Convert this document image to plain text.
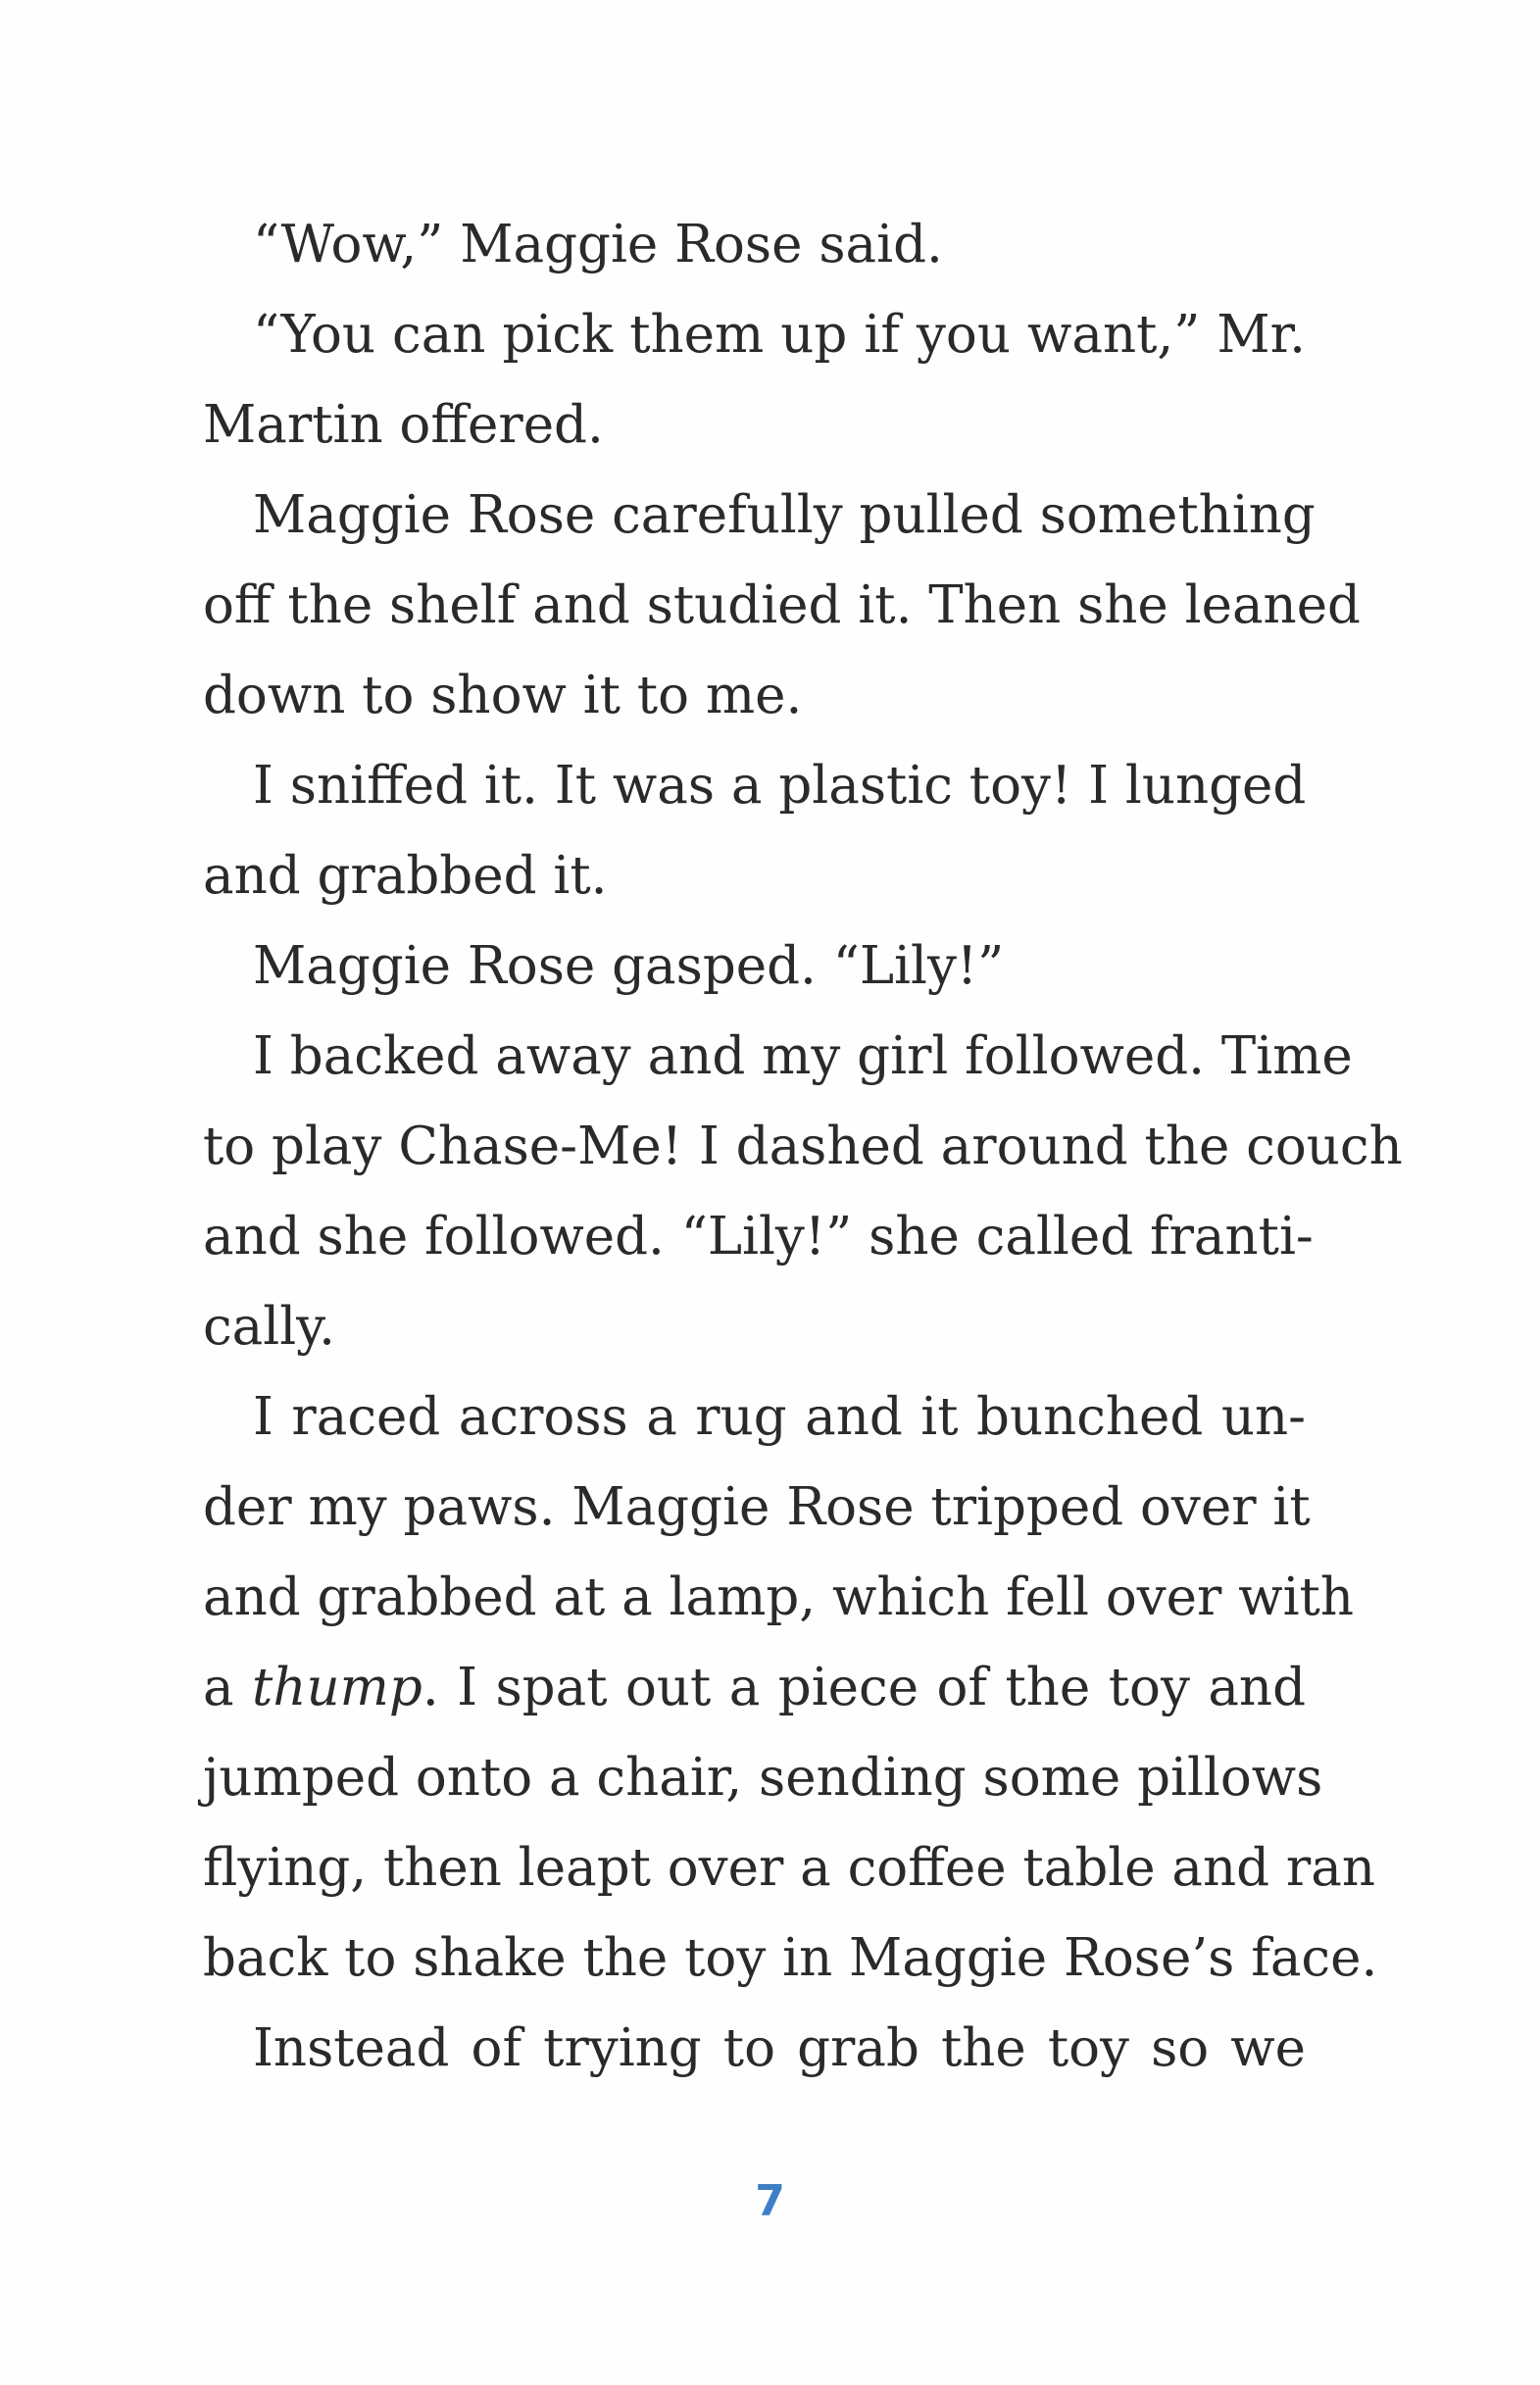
“Wow,” Maggie Rose said.
“You can pick them up if you want,” Mr.
Martin offered.
Maggie Rose carefully pulled something
off the shelf and studied it. Then she leaned
down to show it to me.
I sniffed it. It was a plastic toy! I lunged
and grabbed it.
Maggie Rose gasped. “Lily!”
I backed away and my girl followed. Time
to play Chase-Me! I dashed around the couch
and she followed. “Lily!” she called franti-
cally.
I raced across a rug and it bunched un-
der my paws. Maggie Rose tripped over it
and grabbed at a lamp, which fell over with
a thump. I spat out a piece of the toy and
jumped onto a chair, sending some pillows
flying, then leapt over a coffee table and ran
back to shake the toy in Maggie Rose’s face.
Instead of trying to grab the toy so we
7
